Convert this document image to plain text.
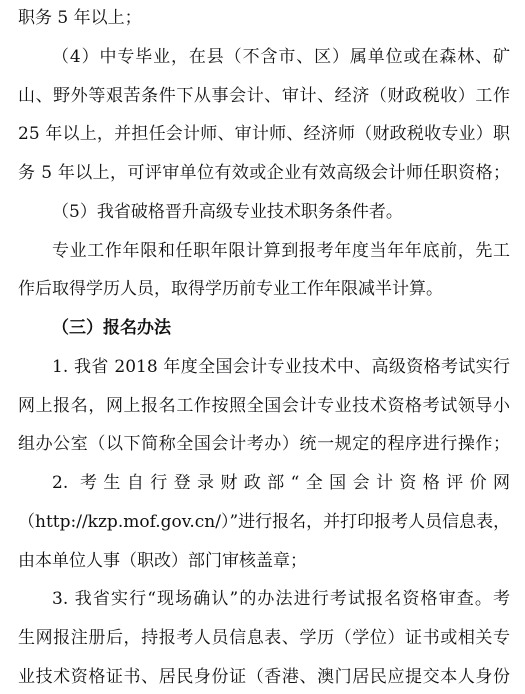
职务 5 年以上；
（4）中专毕业，在县（不含市、区）属单位或在森林、矿
山、野外等艰苦条件下从事会计、审计、经济（财政税收）工作
25 年以上，并担任会计师、审计师、经济师（财政税收专业）职
务 5 年以上，可评审单位有效或企业有效高级会计师任职资格；
（5）我省破格晋升高级专业技术职务条件者。
专业工作年限和任职年限计算到报考年度当年年底前，先工
作后取得学历人员，取得学历前专业工作年限减半计算。
（三）报名办法
1. 我省 2018 年度全国会计专业技术中、高级资格考试实行
网上报名，网上报名工作按照全国会计专业技术资格考试领导小
组办公室（以下简称全国会计考办）统一规定的程序进行操作；
2. 考生自行登录财政部“全国会计资格评价网
（http://kzp.mof.gov.cn/）”进行报名，并打印报考人员信息表，
由本单位人事（职改）部门审核盖章；
3. 我省实行“现场确认”的办法进行考试报名资格审查。考
生网报注册后，持报考人员信息表、学历（学位）证书或相关专
业技术资格证书、居民身份证（香港、澳门居民应提交本人身份
